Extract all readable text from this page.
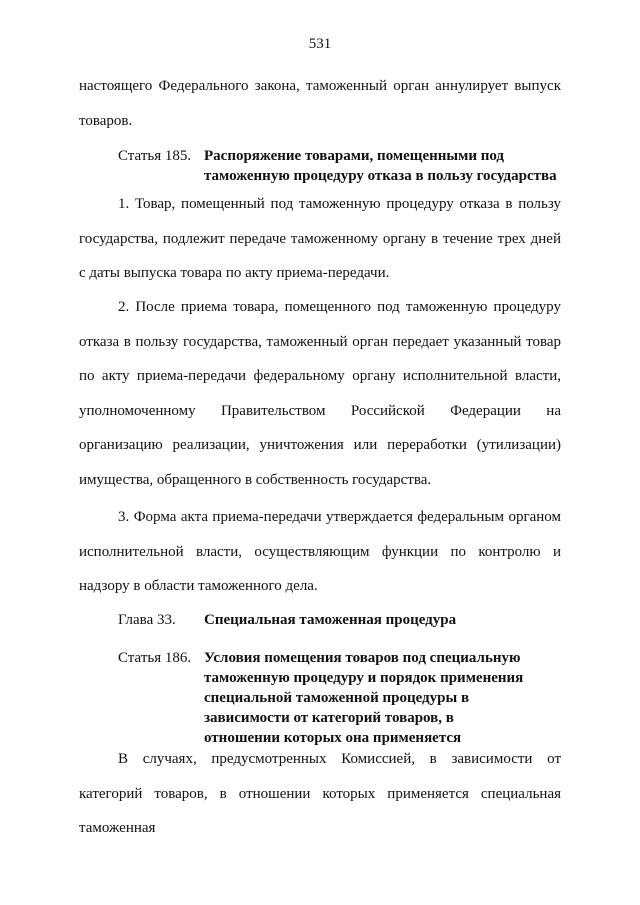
531
настоящего Федерального закона, таможенный орган аннулирует выпуск товаров.
Статья 185. Распоряжение товарами, помещенными под таможенную процедуру отказа в пользу государства
1. Товар, помещенный под таможенную процедуру отказа в пользу государства, подлежит передаче таможенному органу в течение трех дней с даты выпуска товара по акту приема-передачи.
2. После приема товара, помещенного под таможенную процедуру отказа в пользу государства, таможенный орган передает указанный товар по акту приема-передачи федеральному органу исполнительной власти, уполномоченному Правительством Российской Федерации на организацию реализации, уничтожения или переработки (утилизации) имущества, обращенного в собственность государства.
3. Форма акта приема-передачи утверждается федеральным органом исполнительной власти, осуществляющим функции по контролю и надзору в области таможенного дела.
Глава 33.	Специальная таможенная процедура
Статья 186. Условия помещения товаров под специальную таможенную процедуру и порядок применения специальной таможенной процедуры в зависимости от категорий товаров, в отношении которых она применяется
В случаях, предусмотренных Комиссией, в зависимости от категорий товаров, в отношении которых применяется специальная таможенная
